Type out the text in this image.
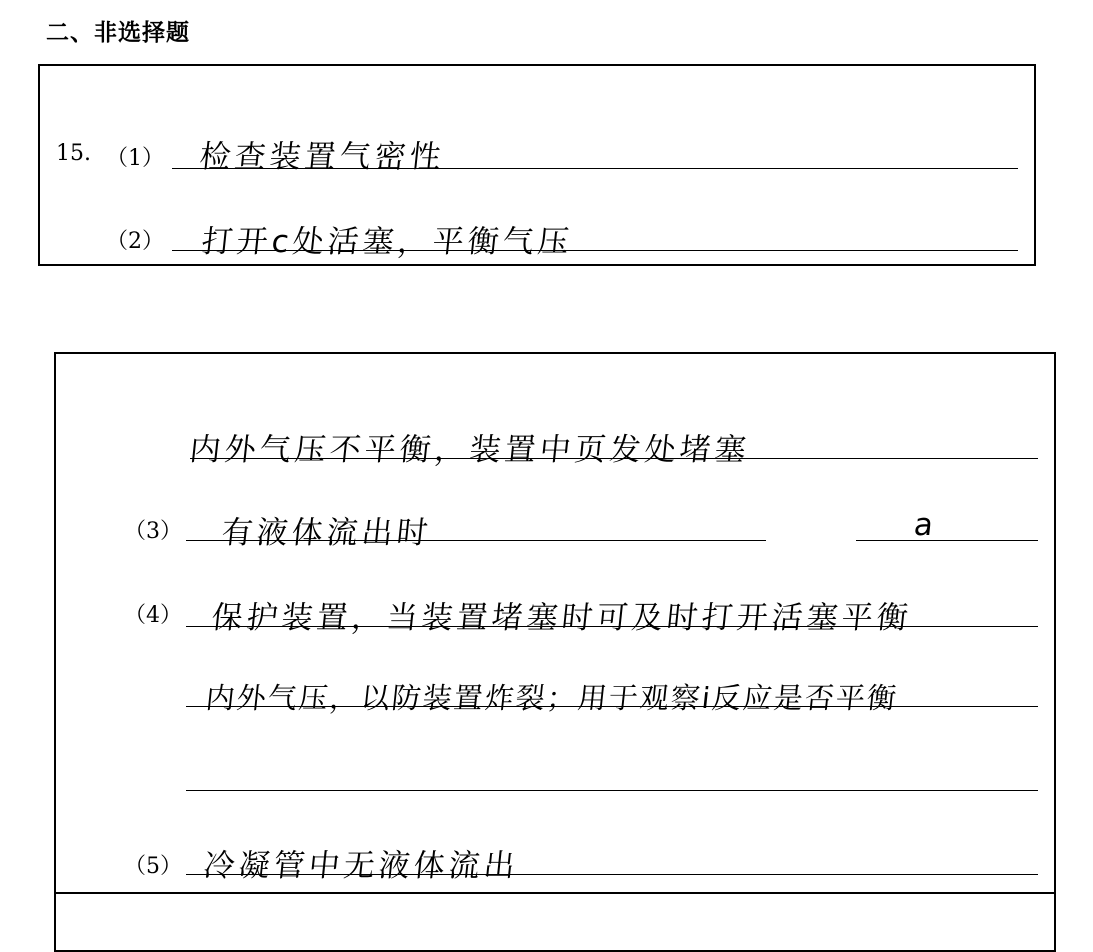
二、非选择题
15. （1） 检查装置气密性
（2） 打开c处活塞，平衡气压
内外气压不平衡，装置中页发处堵塞
（3） 有液体流出时	a
（4） 保护装置，当装置堵塞时可及时打开活塞平衡
内外气压，以防装置炸裂；用于观察ⅰ反应是否平衡
（5） 冷凝管中无液体流出
